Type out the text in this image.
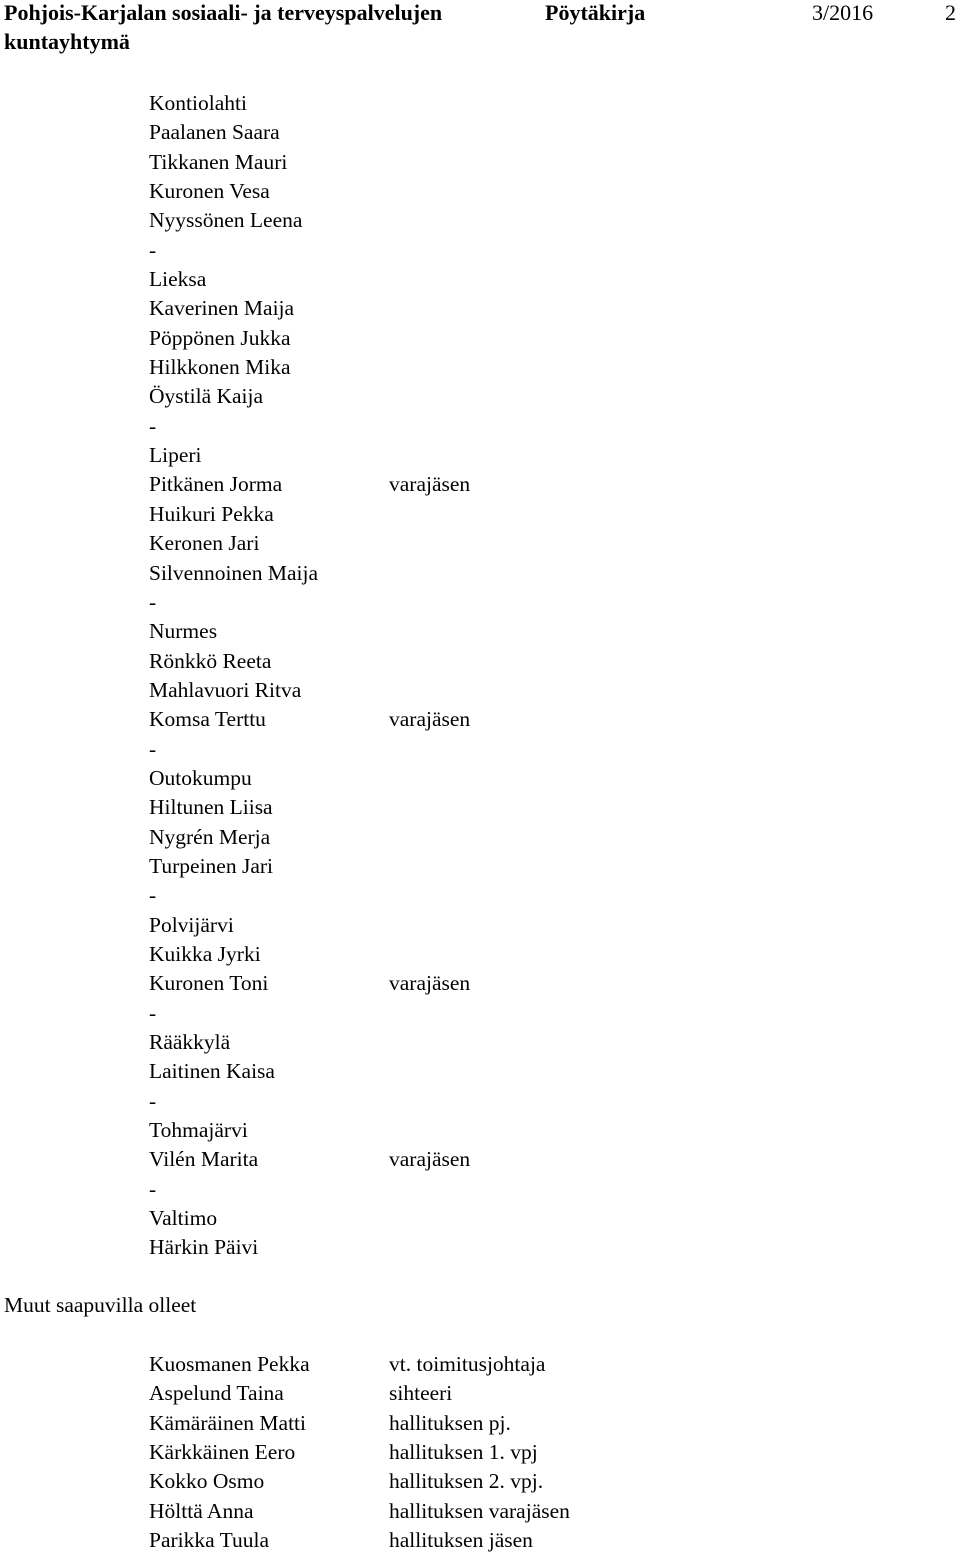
Pohjois-Karjalan sosiaali- ja terveyspalvelujen kuntayhtymä
Pöytäkirja	3/2016	2
Kontiolahti
Paalanen Saara
Tikkanen Mauri
Kuronen Vesa
Nyyssönen Leena
-
Lieksa
Kaverinen Maija
Pöppönen Jukka
Hilkkonen Mika
Öystilä Kaija
-
Liperi
Pitkänen Jorma	varajäsen
Huikuri Pekka
Keronen Jari
Silvennoinen Maija
-
Nurmes
Rönkkö Reeta
Mahlavuori Ritva
Komsa Terttu	varajäsen
-
Outokumpu
Hiltunen Liisa
Nygrén Merja
Turpeinen Jari
-
Polvijärvi
Kuikka Jyrki
Kuronen Toni	varajäsen
-
Rääkkylä
Laitinen Kaisa
-
Tohmajärvi
Vilén Marita	varajäsen
-
Valtimo
Härkin Päivi
Muut saapuvilla olleet
Kuosmanen Pekka	vt. toimitusjohtaja
Aspelund Taina	sihteeri
Kämäräinen Matti	hallituksen pj.
Kärkkäinen Eero	hallituksen 1. vpj
Kokko Osmo	hallituksen 2. vpj.
Hölttä Anna	hallituksen varajäsen
Parikka Tuula	hallituksen jäsen
